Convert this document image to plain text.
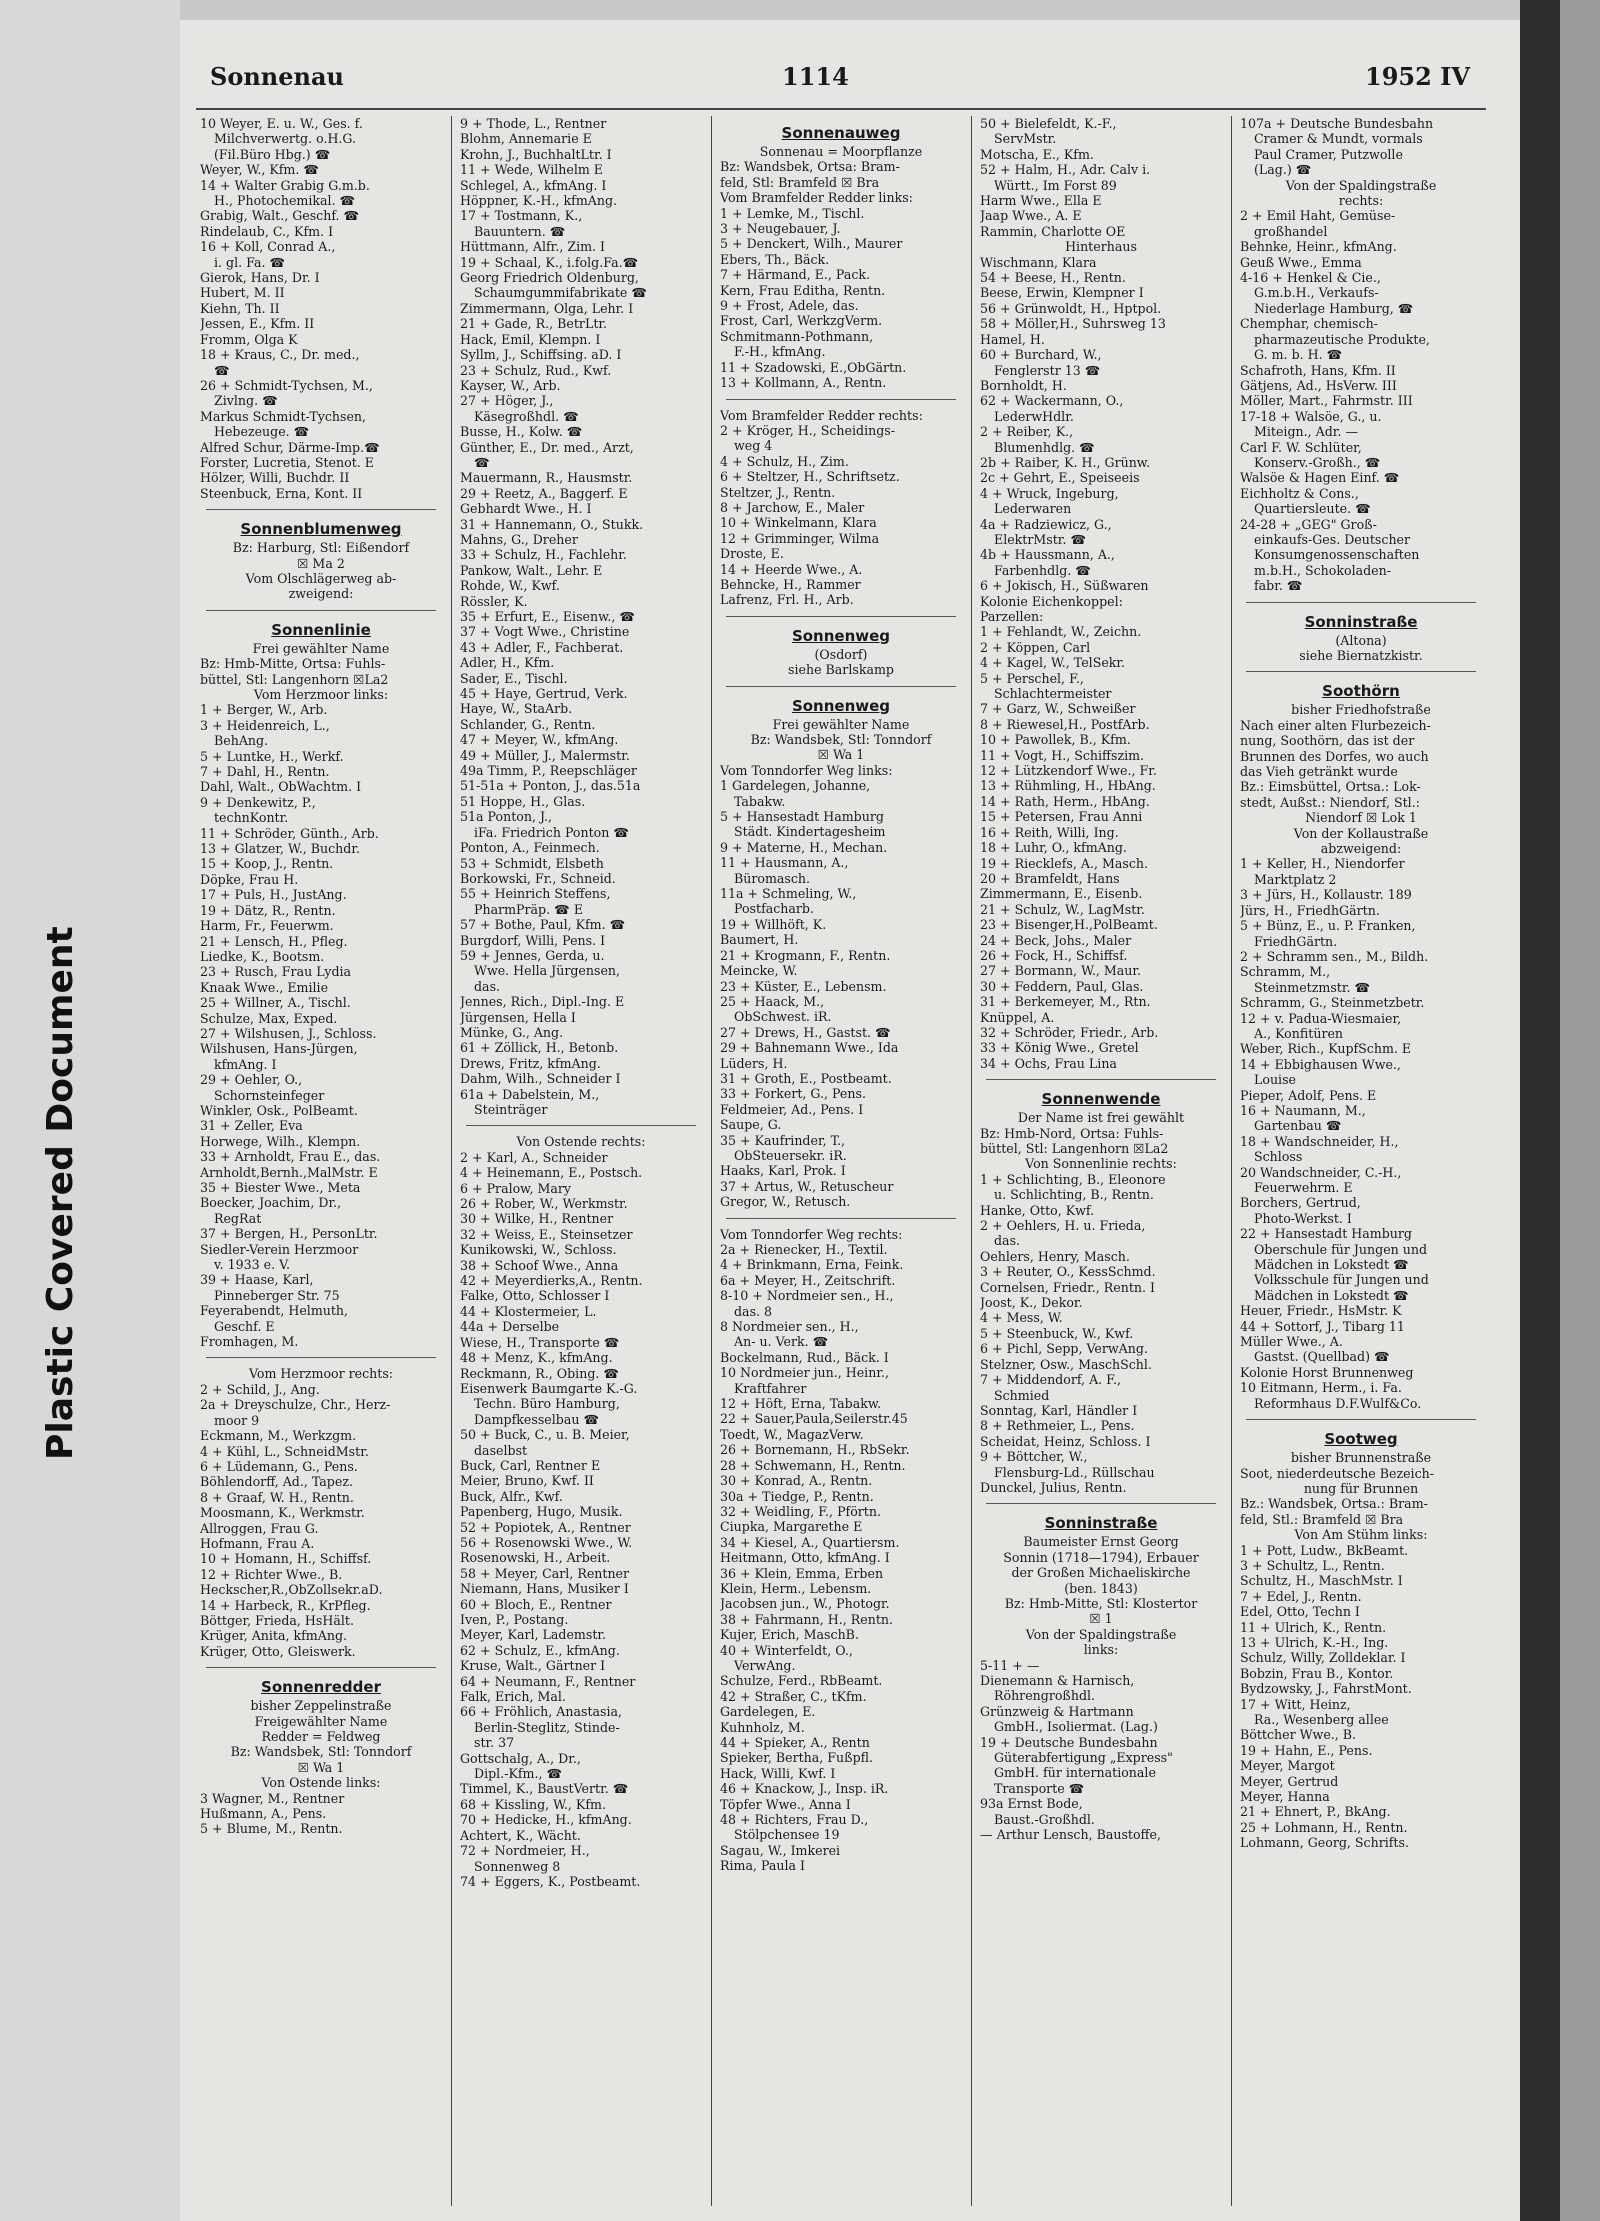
Plastic Covered Document
Sonnenau	1114	1952 IV
10 Weyer, E. u. W., Ges. f.
Milchverwertg. o.H.G.
(Fil.Büro Hbg.) ☎
Weyer, W., Kfm. ☎
14 + Walter Grabig G.m.b.
H., Photochemikal. ☎
Grabig, Walt., Geschf. ☎
Rindelaub, C., Kfm. I
16 + Koll, Conrad A.,
i. gl. Fa. ☎
Gierok, Hans, Dr. I
Hubert, M. II
Kiehn, Th. II
Jessen, E., Kfm. II
Fromm, Olga K
18 + Kraus, C., Dr. med.,
☎
26 + Schmidt-Tychsen, M.,
Zivlng. ☎
Markus Schmidt-Tychsen,
Hebezeuge. ☎
Alfred Schur, Därme-Imp.☎
Forster, Lucretia, Stenot. E
Hölzer, Willi, Buchdr. II
Steenbuck, Erna, Kont. II
Sonnenblumenweg
Bz: Harburg, Stl: Eißendorf
☒ Ma 2
Vom Olschlägerweg ab-
zweigend:
Sonnenlinie
Frei gewählter Name
Bz: Hmb-Mitte, Ortsa: Fuhls-
büttel, Stl: Langenhorn ☒La2
Vom Herzmoor links:
1 + Berger, W., Arb.
3 + Heidenreich, L.,
BehAng.
5 + Luntke, H., Werkf.
7 + Dahl, H., Rentn.
Dahl, Walt., ObWachtm. I
9 + Denkewitz, P.,
technKontr.
11 + Schröder, Günth., Arb.
13 + Glatzer, W., Buchdr.
15 + Koop, J., Rentn.
Döpke, Frau H.
17 + Puls, H., JustAng.
19 + Dätz, R., Rentn.
Harm, Fr., Feuerwm.
21 + Lensch, H., Pfleg.
Liedke, K., Bootsm.
23 + Rusch, Frau Lydia
Knaak Wwe., Emilie
25 + Willner, A., Tischl.
Schulze, Max, Exped.
27 + Wilshusen, J., Schloss.
Wilshusen, Hans-Jürgen,
kfmAng. I
29 + Oehler, O.,
Schornsteinfeger
Winkler, Osk., PolBeamt.
31 + Zeller, Eva
Horwege, Wilh., Klempn.
33 + Arnholdt, Frau E., das.
Arnholdt,Bernh.,MalMstr. E
35 + Biester Wwe., Meta
Boecker, Joachim, Dr.,
RegRat
37 + Bergen, H., PersonLtr.
Siedler-Verein Herzmoor
v. 1933 e. V.
39 + Haase, Karl,
Pinneberger Str. 75
Feyerabendt, Helmuth,
Geschf. E
Fromhagen, M.
Vom Herzmoor rechts:
2 + Schild, J., Ang.
2a + Dreyschulze, Chr., Herz-
moor 9
Eckmann, M., Werkzgm.
4 + Kühl, L., SchneidMstr.
6 + Lüdemann, G., Pens.
Böhlendorff, Ad., Tapez.
8 + Graaf, W. H., Rentn.
Moosmann, K., Werkmstr.
Allroggen, Frau G.
Hofmann, Frau A.
10 + Homann, H., Schiffsf.
12 + Richter Wwe., B.
Heckscher,R.,ObZollsekr.aD.
14 + Harbeck, R., KrPfleg.
Böttger, Frieda, HsHält.
Krüger, Anita, kfmAng.
Krüger, Otto, Gleiswerk.
Sonnenredder
bisher Zeppelinstraße
Freigewählter Name
Redder = Feldweg
Bz: Wandsbek, Stl: Tonndorf
☒ Wa 1
Von Ostende links:
3 Wagner, M., Rentner
Hußmann, A., Pens.
5 + Blume, M., Rentn.
9 + Thode, L., Rentner
Blohm, Annemarie E
Krohn, J., BuchhaltLtr. I
11 + Wede, Wilhelm E
Schlegel, A., kfmAng. I
Höppner, K.-H., kfmAng.
17 + Tostmann, K.,
Bauuntern. ☎
Hüttmann, Alfr., Zim. I
19 + Schaal, K., i.folg.Fa.☎
Georg Friedrich Oldenburg,
Schaumgummifabrikate ☎
Zimmermann, Olga, Lehr. I
21 + Gade, R., BetrLtr.
Hack, Emil, Klempn. I
Syllm, J., Schiffsing. aD. I
23 + Schulz, Rud., Kwf.
Kayser, W., Arb.
27 + Höger, J.,
Käsegroßhdl. ☎
Busse, H., Kolw. ☎
Günther, E., Dr. med., Arzt,
☎
Mauermann, R., Hausmstr.
29 + Reetz, A., Baggerf. E
Gebhardt Wwe., H. I
31 + Hannemann, O., Stukk.
Mahns, G., Dreher
33 + Schulz, H., Fachlehr.
Pankow, Walt., Lehr. E
Rohde, W., Kwf.
Rössler, K.
35 + Erfurt, E., Eisenw., ☎
37 + Vogt Wwe., Christine
43 + Adler, F., Fachberat.
Adler, H., Kfm.
Sader, E., Tischl.
45 + Haye, Gertrud, Verk.
Haye, W., StaArb.
Schlander, G., Rentn.
47 + Meyer, W., kfmAng.
49 + Müller, J., Malermstr.
49a Timm, P., Reepschläger
51-51a + Ponton, J., das.51a
51 Hoppe, H., Glas.
51a Ponton, J.,
iFa. Friedrich Ponton ☎
Ponton, A., Feinmech.
53 + Schmidt, Elsbeth
Borkowski, Fr., Schneid.
55 + Heinrich Steffens,
PharmPräp. ☎ E
57 + Bothe, Paul, Kfm. ☎
Burgdorf, Willi, Pens. I
59 + Jennes, Gerda, u.
Wwe. Hella Jürgensen,
das.
Jennes, Rich., Dipl.-Ing. E
Jürgensen, Hella I
Münke, G., Ang.
61 + Zöllick, H., Betonb.
Drews, Fritz, kfmAng.
Dahm, Wilh., Schneider I
61a + Dabelstein, M.,
Steinträger
Von Ostende rechts:
2 + Karl, A., Schneider
4 + Heinemann, E., Postsch.
6 + Pralow, Mary
26 + Rober, W., Werkmstr.
30 + Wilke, H., Rentner
32 + Weiss, E., Steinsetzer
Kunikowski, W., Schloss.
38 + Schoof Wwe., Anna
42 + Meyerdierks,A., Rentn.
Falke, Otto, Schlosser I
44 + Klostermeier, L.
44a + Derselbe
Wiese, H., Transporte ☎
48 + Menz, K., kfmAng.
Reckmann, R., Obing. ☎
Eisenwerk Baumgarte K.-G.
Techn. Büro Hamburg,
Dampfkesselbau ☎
50 + Buck, C., u. B. Meier,
daselbst
Buck, Carl, Rentner E
Meier, Bruno, Kwf. II
Buck, Alfr., Kwf.
Papenberg, Hugo, Musik.
52 + Popiotek, A., Rentner
56 + Rosenowski Wwe., W.
Rosenowski, H., Arbeit.
58 + Meyer, Carl, Rentner
Niemann, Hans, Musiker I
60 + Bloch, E., Rentner
Iven, P., Postang.
Meyer, Karl, Lademstr.
62 + Schulz, E., kfmAng.
Kruse, Walt., Gärtner I
64 + Neumann, F., Rentner
Falk, Erich, Mal.
66 + Fröhlich, Anastasia,
Berlin-Steglitz, Stinde-
str. 37
Gottschalg, A., Dr.,
Dipl.-Kfm., ☎
Timmel, K., BaustVertr. ☎
68 + Kissling, W., Kfm.
70 + Hedicke, H., kfmAng.
Achtert, K., Wächt.
72 + Nordmeier, H.,
Sonnenweg 8
74 + Eggers, K., Postbeamt.
Sonnenauweg
Sonnenau = Moorpflanze
Bz: Wandsbek, Ortsa: Bram-
feld, Stl: Bramfeld ☒ Bra
Vom Bramfelder Redder links:
1 + Lemke, M., Tischl.
3 + Neugebauer, J.
5 + Denckert, Wilh., Maurer
Ebers, Th., Bäck.
7 + Härmand, E., Pack.
Kern, Frau Editha, Rentn.
9 + Frost, Adele, das.
Frost, Carl, WerkzgVerm.
Schmitmann-Pothmann,
F.-H., kfmAng.
11 + Szadowski, E.,ObGärtn.
13 + Kollmann, A., Rentn.
Vom Bramfelder Redder rechts:
2 + Kröger, H., Scheidings-
weg 4
4 + Schulz, H., Zim.
6 + Steltzer, H., Schriftsetz.
Steltzer, J., Rentn.
8 + Jarchow, E., Maler
10 + Winkelmann, Klara
12 + Grimminger, Wilma
Droste, E.
14 + Heerde Wwe., A.
Behncke, H., Rammer
Lafrenz, Frl. H., Arb.
Sonnenweg
(Osdorf)
siehe Barlskamp
Sonnenweg
Frei gewählter Name
Bz: Wandsbek, Stl: Tonndorf
☒ Wa 1
Vom Tonndorfer Weg links:
1 Gardelegen, Johanne,
Tabakw.
5 + Hansestadt Hamburg
Städt. Kindertagesheim
9 + Materne, H., Mechan.
11 + Hausmann, A.,
Büromasch.
11a + Schmeling, W.,
Postfacharb.
19 + Willhöft, K.
Baumert, H.
21 + Krogmann, F., Rentn.
Meincke, W.
23 + Küster, E., Lebensm.
25 + Haack, M.,
ObSchwest. iR.
27 + Drews, H., Gastst. ☎
29 + Bahnemann Wwe., Ida
Lüders, H.
31 + Groth, E., Postbeamt.
33 + Forkert, G., Pens.
Feldmeier, Ad., Pens. I
Saupe, G.
35 + Kaufrinder, T.,
ObSteuersekr. iR.
Haaks, Karl, Prok. I
37 + Artus, W., Retuscheur
Gregor, W., Retusch.
Vom Tonndorfer Weg rechts:
2a + Rienecker, H., Textil.
4 + Brinkmann, Erna, Feink.
6a + Meyer, H., Zeitschrift.
8-10 + Nordmeier sen., H.,
das. 8
8 Nordmeier sen., H.,
An- u. Verk. ☎
Bockelmann, Rud., Bäck. I
10 Nordmeier jun., Heinr.,
Kraftfahrer
12 + Höft, Erna, Tabakw.
22 + Sauer,Paula,Seilerstr.45
Toedt, W., MagazVerw.
26 + Bornemann, H., RbSekr.
28 + Schwemann, H., Rentn.
30 + Konrad, A., Rentn.
30a + Tiedge, P., Rentn.
32 + Weidling, F., Pförtn.
Ciupka, Margarethe E
34 + Kiesel, A., Quartiersm.
Heitmann, Otto, kfmAng. I
36 + Klein, Emma, Erben
Klein, Herm., Lebensm.
Jacobsen jun., W., Photogr.
38 + Fahrmann, H., Rentn.
Kujer, Erich, MaschB.
40 + Winterfeldt, O.,
VerwAng.
Schulze, Ferd., RbBeamt.
42 + Straßer, C., tKfm.
Gardelegen, E.
Kuhnholz, M.
44 + Spieker, A., Rentn
Spieker, Bertha, Fußpfl.
Hack, Willi, Kwf. I
46 + Knackow, J., Insp. iR.
Töpfer Wwe., Anna I
48 + Richters, Frau D.,
Stölpchensee 19
Sagau, W., Imkerei
Rima, Paula I
50 + Bielefeldt, K.-F.,
ServMstr.
Motscha, E., Kfm.
52 + Halm, H., Adr. Calv i.
Württ., Im Forst 89
Harm Wwe., Ella E
Jaap Wwe., A. E
Rammin, Charlotte OE
Hinterhaus
Wischmann, Klara
54 + Beese, H., Rentn.
Beese, Erwin, Klempner I
56 + Grünwoldt, H., Hptpol.
58 + Möller,H., Suhrsweg 13
Hamel, H.
60 + Burchard, W.,
Fenglerstr 13 ☎
Bornholdt, H.
62 + Wackermann, O.,
LederwHdlr.
2 + Reiber, K.,
Blumenhdlg. ☎
2b + Raiber, K. H., Grünw.
2c + Gehrt, E., Speiseeis
4 + Wruck, Ingeburg,
Lederwaren
4a + Radziewicz, G.,
ElektrMstr. ☎
4b + Haussmann, A.,
Farbenhdlg. ☎
6 + Jokisch, H., Süßwaren
Kolonie Eichenkoppel:
Parzellen:
1 + Fehlandt, W., Zeichn.
2 + Köppen, Carl
4 + Kagel, W., TelSekr.
5 + Perschel, F.,
Schlachtermeister
7 + Garz, W., Schweißer
8 + Riewesel,H., PostfArb.
10 + Pawollek, B., Kfm.
11 + Vogt, H., Schiffszim.
12 + Lützkendorf Wwe., Fr.
13 + Rühmling, H., HbAng.
14 + Rath, Herm., HbAng.
15 + Petersen, Frau Anni
16 + Reith, Willi, Ing.
18 + Luhr, O., kfmAng.
19 + Riecklefs, A., Masch.
20 + Bramfeldt, Hans
Zimmermann, E., Eisenb.
21 + Schulz, W., LagMstr.
23 + Bisenger,H.,PolBeamt.
24 + Beck, Johs., Maler
26 + Fock, H., Schiffsf.
27 + Bormann, W., Maur.
30 + Feddern, Paul, Glas.
31 + Berkemeyer, M., Rtn.
Knüppel, A.
32 + Schröder, Friedr., Arb.
33 + König Wwe., Gretel
34 + Ochs, Frau Lina
Sonnenwende
Der Name ist frei gewählt
Bz: Hmb-Nord, Ortsa: Fuhls-
büttel, Stl: Langenhorn ☒La2
Von Sonnenlinie rechts:
1 + Schlichting, B., Eleonore
u. Schlichting, B., Rentn.
Hanke, Otto, Kwf.
2 + Oehlers, H. u. Frieda,
das.
Oehlers, Henry, Masch.
3 + Reuter, O., KessSchmd.
Cornelsen, Friedr., Rentn. I
Joost, K., Dekor.
4 + Mess, W.
5 + Steenbuck, W., Kwf.
6 + Pichl, Sepp, VerwAng.
Stelzner, Osw., MaschSchl.
7 + Middendorf, A. F.,
Schmied
Sonntag, Karl, Händler I
8 + Rethmeier, L., Pens.
Scheidat, Heinz, Schloss. I
9 + Böttcher, W.,
Flensburg-Ld., Rüllschau
Dunckel, Julius, Rentn.
Sonninstraße
Baumeister Ernst Georg
Sonnin (1718—1794), Erbauer
der Großen Michaeliskirche
(ben. 1843)
Bz: Hmb-Mitte, Stl: Klostertor
☒ 1
Von der Spaldingstraße
links:
5-11 + —
Dienemann & Harnisch,
Röhrengroßhdl.
Grünzweig & Hartmann
GmbH., Isoliermat. (Lag.)
19 + Deutsche Bundesbahn
Güterabfertigung „Express"
GmbH. für internationale
Transporte ☎
93a Ernst Bode,
Baust.-Großhdl.
— Arthur Lensch, Baustoffe,
107a + Deutsche Bundesbahn
Cramer & Mundt, vormals
Paul Cramer, Putzwolle
(Lag.) ☎
Von der Spaldingstraße
rechts:
2 + Emil Haht, Gemüse-
großhandel
Behnke, Heinr., kfmAng.
Geuß Wwe., Emma
4-16 + Henkel & Cie.,
G.m.b.H., Verkaufs-
Niederlage Hamburg, ☎
Chemphar, chemisch-
pharmazeutische Produkte,
G. m. b. H. ☎
Schafroth, Hans, Kfm. II
Gätjens, Ad., HsVerw. III
Möller, Mart., Fahrmstr. III
17-18 + Walsöe, G., u.
Miteign., Adr. —
Carl F. W. Schlüter,
Konserv.-Großh., ☎
Walsöe & Hagen Einf. ☎
Eichholtz & Cons.,
Quartiersleute. ☎
24-28 + „GEG" Groß-
einkaufs-Ges. Deutscher
Konsumgenossenschaften
m.b.H., Schokoladen-
fabr. ☎
Sonninstraße
(Altona)
siehe Biernatzkistr.
Soothörn
bisher Friedhofstraße
Nach einer alten Flurbezeich-
nung, Soothörn, das ist der
Brunnen des Dorfes, wo auch
das Vieh getränkt wurde
Bz.: Eimsbüttel, Ortsa.: Lok-
stedt, Außst.: Niendorf, Stl.:
Niendorf ☒ Lok 1
Von der Kollaustraße
abzweigend:
1 + Keller, H., Niendorfer
Marktplatz 2
3 + Jürs, H., Kollaustr. 189
Jürs, H., FriedhGärtn.
5 + Bünz, E., u. P. Franken,
FriedhGärtn.
2 + Schramm sen., M., Bildh.
Schramm, M.,
Steinmetzmstr. ☎
Schramm, G., Steinmetzbetr.
12 + v. Padua-Wiesmaier,
A., Konfitüren
Weber, Rich., KupfSchm. E
14 + Ebbighausen Wwe.,
Louise
Pieper, Adolf, Pens. E
16 + Naumann, M.,
Gartenbau ☎
18 + Wandschneider, H.,
Schloss
20 Wandschneider, C.-H.,
Feuerwehrm. E
Borchers, Gertrud,
Photo-Werkst. I
22 + Hansestadt Hamburg
Oberschule für Jungen und
Mädchen in Lokstedt ☎
Volksschule für Jungen und
Mädchen in Lokstedt ☎
Heuer, Friedr., HsMstr. K
44 + Sottorf, J., Tibarg 11
Müller Wwe., A.
Gastst. (Quellbad) ☎
Kolonie Horst Brunnenweg
10 Eitmann, Herm., i. Fa.
Reformhaus D.F.Wulf&Co.
Sootweg
bisher Brunnenstraße
Soot, niederdeutsche Bezeich-
nung für Brunnen
Bz.: Wandsbek, Ortsa.: Bram-
feld, Stl.: Bramfeld ☒ Bra
Von Am Stühm links:
1 + Pott, Ludw., BkBeamt.
3 + Schultz, L., Rentn.
Schultz, H., MaschMstr. I
7 + Edel, J., Rentn.
Edel, Otto, Techn I
11 + Ulrich, K., Rentn.
13 + Ulrich, K.-H., Ing.
Schulz, Willy, Zolldeklar. I
Bobzin, Frau B., Kontor.
Bydzowsky, J., FahrstMont.
17 + Witt, Heinz,
Ra., Wesenberg allee
Böttcher Wwe., B.
19 + Hahn, E., Pens.
Meyer, Margot
Meyer, Gertrud
Meyer, Hanna
21 + Ehnert, P., BkAng.
25 + Lohmann, H., Rentn.
Lohmann, Georg, Schrifts.
